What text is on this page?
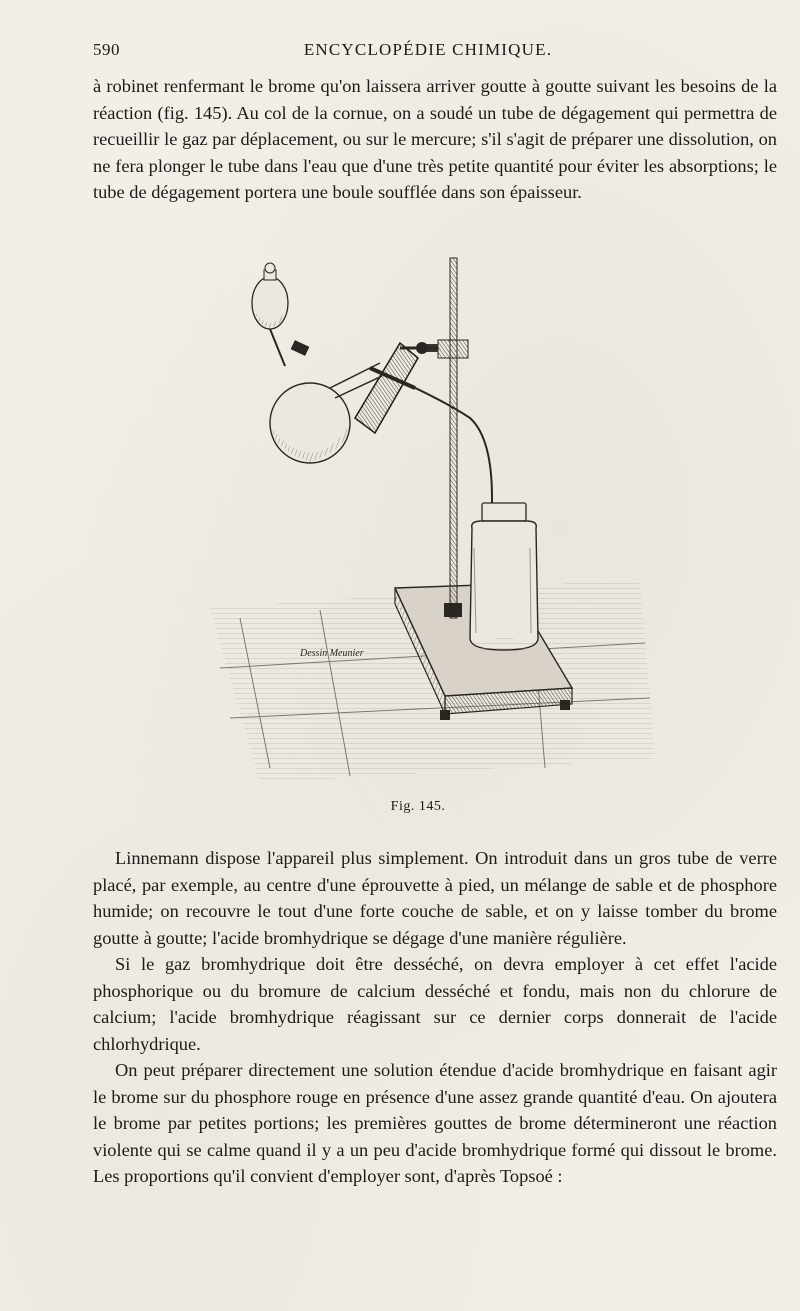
590	ENCYCLOPÉDIE CHIMIQUE.

à robinet renfermant le brome qu'on laissera arriver goutte à goutte suivant les besoins de la réaction (fig. 145). Au col de la cornue, on a soudé un tube de dégagement qui permettra de recueillir le gaz par déplacement, ou sur le mercure; s'il s'agit de préparer une dissolution, on ne fera plonger le tube dans l'eau que d'une très petite quantité pour éviter les absorptions; le tube de dégagement portera une boule soufflée dans son épaisseur.

Dessin Meunier
Fig. 145.

Linnemann dispose l'appareil plus simplement. On introduit dans un gros tube de verre placé, par exemple, au centre d'une éprouvette à pied, un mélange de sable et de phosphore humide; on recouvre le tout d'une forte couche de sable, et on y laisse tomber du brome goutte à goutte; l'acide bromhydrique se dégage d'une manière régulière.

Si le gaz bromhydrique doit être desséché, on devra employer à cet effet l'acide phosphorique ou du bromure de calcium desséché et fondu, mais non du chlorure de calcium; l'acide bromhydrique réagissant sur ce dernier corps donnerait de l'acide chlorhydrique.

On peut préparer directement une solution étendue d'acide bromhydrique en faisant agir le brome sur du phosphore rouge en présence d'une assez grande quantité d'eau. On ajoutera le brome par petites portions; les premières gouttes de brome détermineront une réaction violente qui se calme quand il y a un peu d'acide bromhydrique formé qui dissout le brome. Les proportions qu'il convient d'employer sont, d'après Topsoé :
